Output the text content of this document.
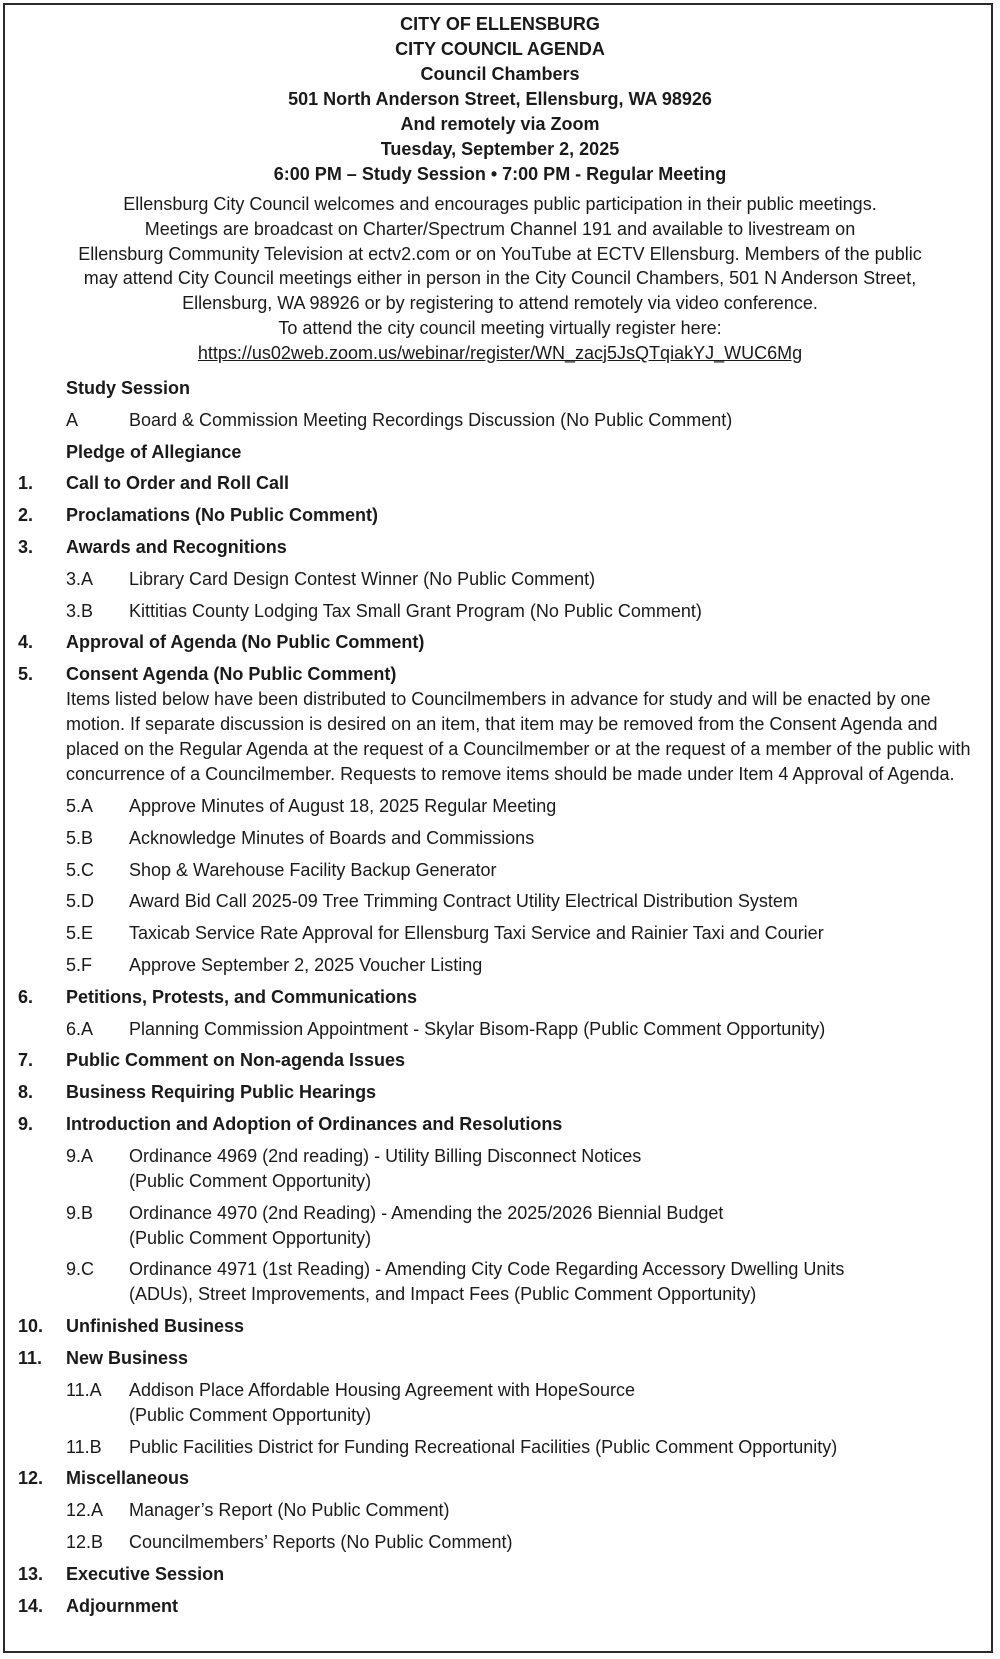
CITY OF ELLENSBURG
CITY COUNCIL AGENDA
Council Chambers
501 North Anderson Street, Ellensburg, WA 98926
And remotely via Zoom
Tuesday, September 2, 2025
6:00 PM – Study Session • 7:00 PM - Regular Meeting
Ellensburg City Council welcomes and encourages public participation in their public meetings.
Meetings are broadcast on Charter/Spectrum Channel 191 and available to livestream on
Ellensburg Community Television at ectv2.com or on YouTube at ECTV Ellensburg. Members of the public
may attend City Council meetings either in person in the City Council Chambers, 501 N Anderson Street,
Ellensburg, WA 98926 or by registering to attend remotely via video conference.
To attend the city council meeting virtually register here:
https://us02web.zoom.us/webinar/register/WN_zacj5JsQTqiakYJ_WUC6Mg
Study Session
A	Board & Commission Meeting Recordings Discussion (No Public Comment)
Pledge of Allegiance
1. Call to Order and Roll Call
2. Proclamations (No Public Comment)
3. Awards and Recognitions
3.A Library Card Design Contest Winner (No Public Comment)
3.B Kittitias County Lodging Tax Small Grant Program (No Public Comment)
4. Approval of Agenda (No Public Comment)
5. Consent Agenda (No Public Comment)
Items listed below have been distributed to Councilmembers in advance for study and will be enacted by one motion. If separate discussion is desired on an item, that item may be removed from the Consent Agenda and placed on the Regular Agenda at the request of a Councilmember or at the request of a member of the public with concurrence of a Councilmember. Requests to remove items should be made under Item 4 Approval of Agenda.
5.A Approve Minutes of August 18, 2025 Regular Meeting
5.B Acknowledge Minutes of Boards and Commissions
5.C Shop & Warehouse Facility Backup Generator
5.D Award Bid Call 2025-09 Tree Trimming Contract Utility Electrical Distribution System
5.E Taxicab Service Rate Approval for Ellensburg Taxi Service and Rainier Taxi and Courier
5.F Approve September 2, 2025 Voucher Listing
6. Petitions, Protests, and Communications
6.A Planning Commission Appointment - Skylar Bisom-Rapp (Public Comment Opportunity)
7. Public Comment on Non-agenda Issues
8. Business Requiring Public Hearings
9. Introduction and Adoption of Ordinances and Resolutions
9.A Ordinance 4969 (2nd reading) - Utility Billing Disconnect Notices
(Public Comment Opportunity)
9.B Ordinance 4970 (2nd Reading) - Amending the 2025/2026 Biennial Budget
(Public Comment Opportunity)
9.C Ordinance 4971 (1st Reading) - Amending City Code Regarding Accessory Dwelling Units
(ADUs), Street Improvements, and Impact Fees (Public Comment Opportunity)
10. Unfinished Business
11. New Business
11.A Addison Place Affordable Housing Agreement with HopeSource
(Public Comment Opportunity)
11.B Public Facilities District for Funding Recreational Facilities (Public Comment Opportunity)
12. Miscellaneous
12.A Manager’s Report (No Public Comment)
12.B Councilmembers’ Reports (No Public Comment)
13. Executive Session
14. Adjournment
